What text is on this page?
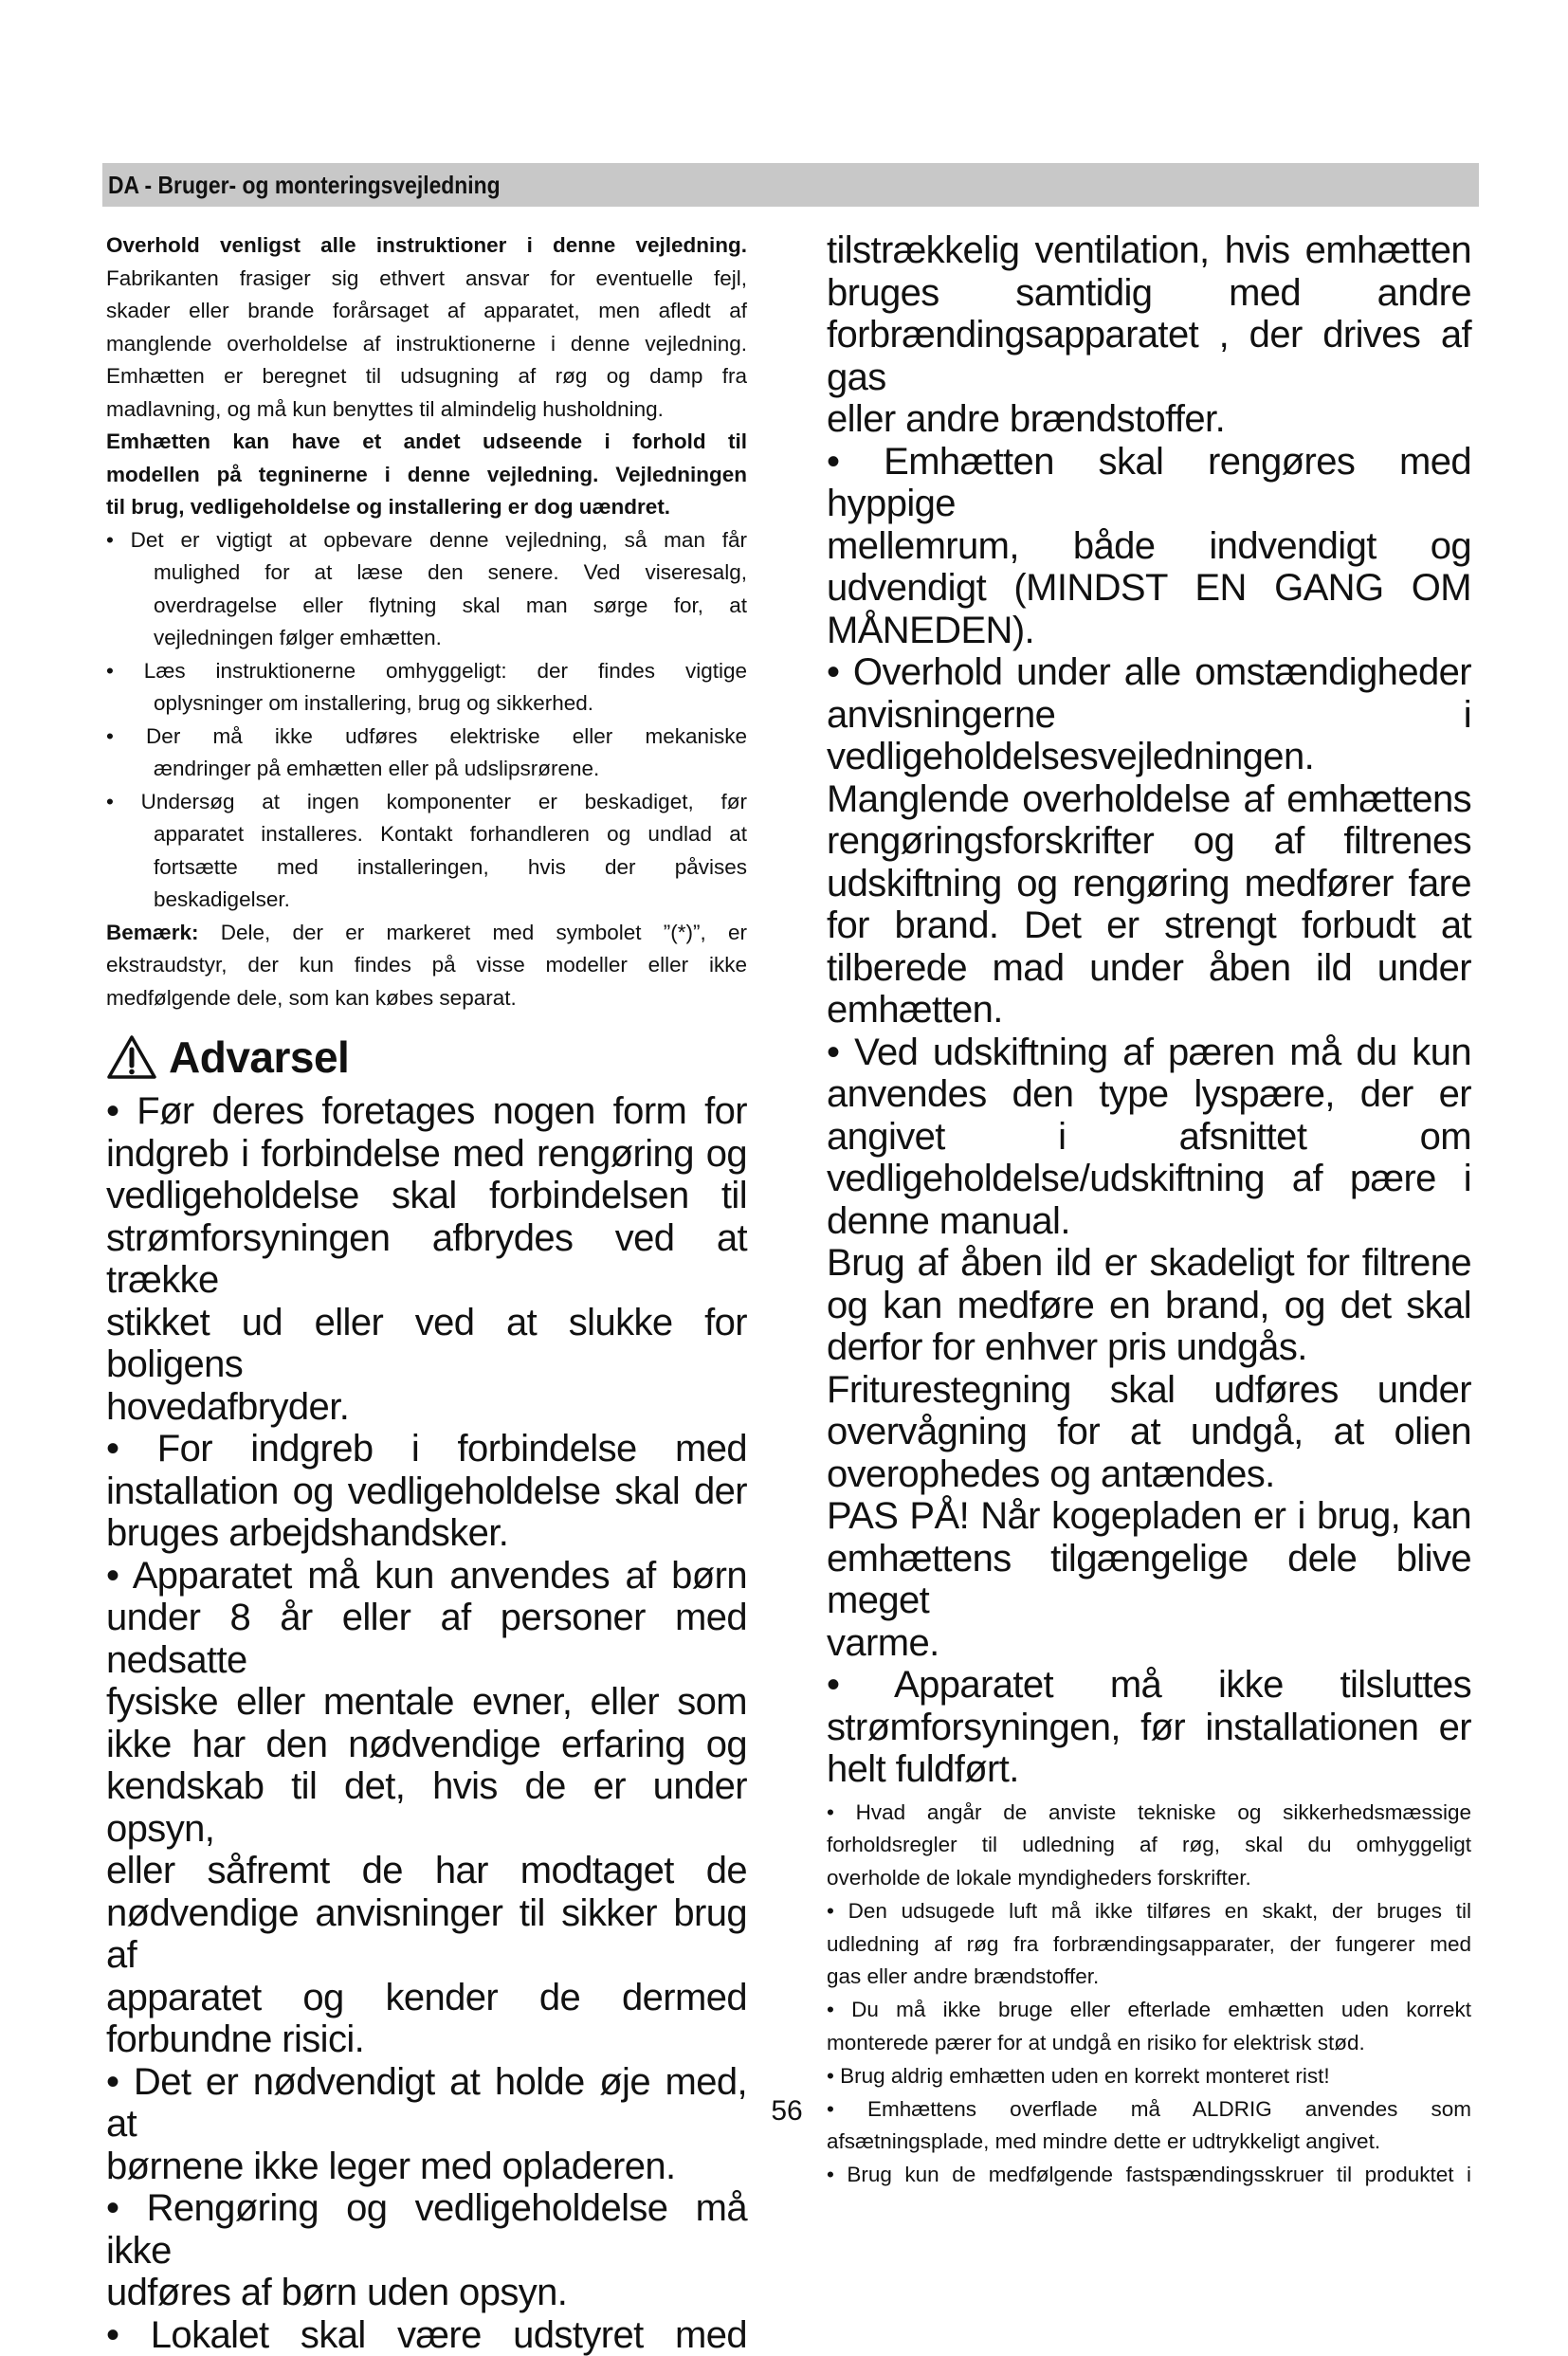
DA - Bruger- og monteringsvejledning
Overhold venligst alle instruktioner i denne vejledning.
Fabrikanten frasiger sig ethvert ansvar for eventuelle fejl,
skader eller brande forårsaget af apparatet, men afledt af
manglende overholdelse af instruktionerne i denne vejledning.
Emhætten er beregnet til udsugning af røg og damp fra
madlavning, og må kun benyttes til almindelig husholdning.
Emhætten kan have et andet udseende i forhold til
modellen på tegninerne i denne vejledning. Vejledningen
til brug, vedligeholdelse og installering er dog uændret.
• Det er vigtigt at opbevare denne vejledning, så man får
mulighed for at læse den senere. Ved viseresalg,
overdragelse eller flytning skal man sørge for, at
vejledningen følger emhætten.
• Læs instruktionerne omhyggeligt: der findes vigtige
oplysninger om installering, brug og sikkerhed.
• Der må ikke udføres elektriske eller mekaniske
ændringer på emhætten eller på udslipsrørene.
• Undersøg at ingen komponenter er beskadiget, før
apparatet installeres. Kontakt forhandleren og undlad at
fortsætte med installeringen, hvis der påvises
beskadigelser.
Bemærk: Dele, der er markeret med symbolet ”(*)”, er
ekstraudstyr, der kun findes på visse modeller eller ikke
medfølgende dele, som kan købes separat.
Advarsel
• Før deres foretages nogen form for
indgreb i forbindelse med rengøring og
vedligeholdelse skal forbindelsen til
strømforsyningen afbrydes ved at trække
stikket ud eller ved at slukke for boligens
hovedafbryder.
• For indgreb i forbindelse med
installation og vedligeholdelse skal der
bruges arbejdshandsker.
• Apparatet må kun anvendes af børn
under 8 år eller af personer med nedsatte
fysiske eller mentale evner, eller som
ikke har den nødvendige erfaring og
kendskab til det, hvis de er under opsyn,
eller såfremt de har modtaget de
nødvendige anvisninger til sikker brug af
apparatet og kender de dermed
forbundne risici.
• Det er nødvendigt at holde øje med, at
børnene ikke leger med opladeren.
• Rengøring og vedligeholdelse må ikke
udføres af børn uden opsyn.
• Lokalet skal være udstyret med
tilstrækkelig ventilation, hvis emhætten
bruges samtidig med andre
forbrændingsapparatet , der drives af gas
eller andre brændstoffer.
• Emhætten skal rengøres med hyppige
mellemrum, både indvendigt og
udvendigt (MINDST EN GANG OM
MÅNEDEN).
• Overhold under alle omstændigheder
anvisningerne i
vedligeholdelsesvejledningen.
Manglende overholdelse af emhættens
rengøringsforskrifter og af filtrenes
udskiftning og rengøring medfører fare
for brand. Det er strengt forbudt at
tilberede mad under åben ild under
emhætten.
• Ved udskiftning af pæren må du kun
anvendes den type lyspære, der er
angivet i afsnittet om
vedligeholdelse/udskiftning af pære i
denne manual.
Brug af åben ild er skadeligt for filtrene
og kan medføre en brand, og det skal
derfor for enhver pris undgås.
Friturestegning skal udføres under
overvågning for at undgå, at olien
overophedes og antændes.
PAS PÅ! Når kogepladen er i brug, kan
emhættens tilgængelige dele blive meget
varme.
• Apparatet må ikke tilsluttes
strømforsyningen, før installationen er
helt fuldført.
• Hvad angår de anviste tekniske og sikkerhedsmæssige
forholdsregler til udledning af røg, skal du omhyggeligt
overholde de lokale myndigheders forskrifter.
• Den udsugede luft må ikke tilføres en skakt, der bruges til
udledning af røg fra forbrændingsapparater, der fungerer med
gas eller andre brændstoffer.
• Du må ikke bruge eller efterlade emhætten uden korrekt
monterede pærer for at undgå en risiko for elektrisk stød.
• Brug aldrig emhætten uden en korrekt monteret rist!
• Emhættens overflade må ALDRIG anvendes som
afsætningsplade, med mindre dette er udtrykkeligt angivet.
• Brug kun de medfølgende fastspændingsskruer til produktet i
56
